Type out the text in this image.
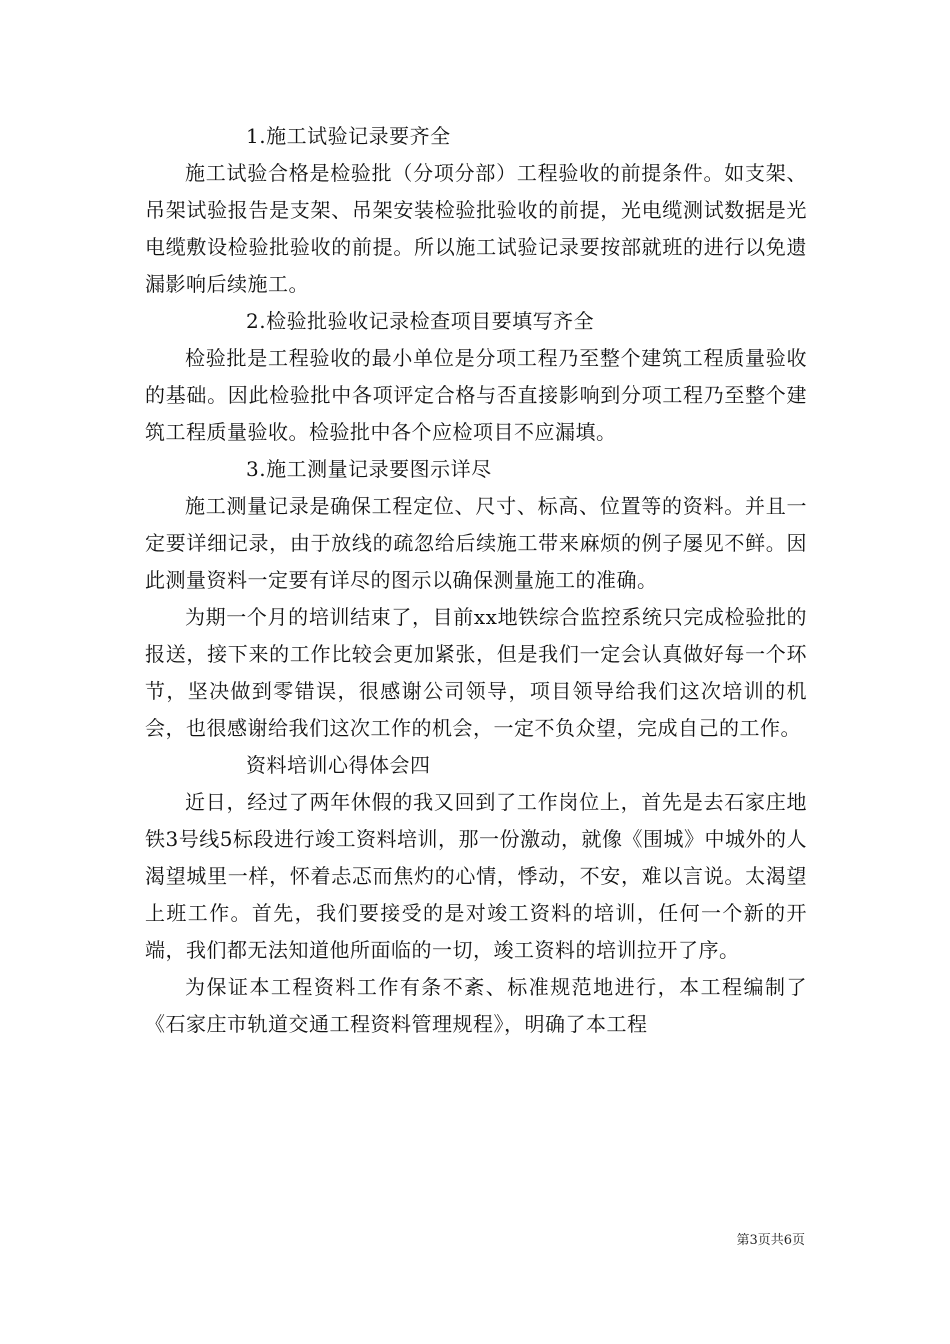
1.施工试验记录要齐全

施工试验合格是检验批（分项分部）工程验收的前提条件。如支架、吊架试验报告是支架、吊架安装检验批验收的前提，光电缆测试数据是光电缆敷设检验批验收的前提。所以施工试验记录要按部就班的进行以免遗漏影响后续施工。

2.检验批验收记录检查项目要填写齐全

检验批是工程验收的最小单位是分项工程乃至整个建筑工程质量验收的基础。因此检验批中各项评定合格与否直接影响到分项工程乃至整个建筑工程质量验收。检验批中各个应检项目不应漏填。

3.施工测量记录要图示详尽

施工测量记录是确保工程定位、尺寸、标高、位置等的资料。并且一定要详细记录，由于放线的疏忽给后续施工带来麻烦的例子屡见不鲜。因此测量资料一定要有详尽的图示以确保测量施工的准确。

为期一个月的培训结束了，目前xx地铁综合监控系统只完成检验批的报送，接下来的工作比较会更加紧张，但是我们一定会认真做好每一个环节，坚决做到零错误，很感谢公司领导，项目领导给我们这次培训的机会，也很感谢给我们这次工作的机会，一定不负众望，完成自己的工作。

资料培训心得体会四

近日，经过了两年休假的我又回到了工作岗位上，首先是去石家庄地铁3号线5标段进行竣工资料培训，那一份激动，就像《围城》中城外的人渴望城里一样，怀着忐忑而焦灼的心情，悸动，不安，难以言说。太渴望上班工作。首先，我们要接受的是对竣工资料的培训，任何一个新的开端，我们都无法知道他所面临的一切，竣工资料的培训拉开了序。

为保证本工程资料工作有条不紊、标准规范地进行，本工程编制了《石家庄市轨道交通工程资料管理规程》，明确了本工程

第3页共6页
